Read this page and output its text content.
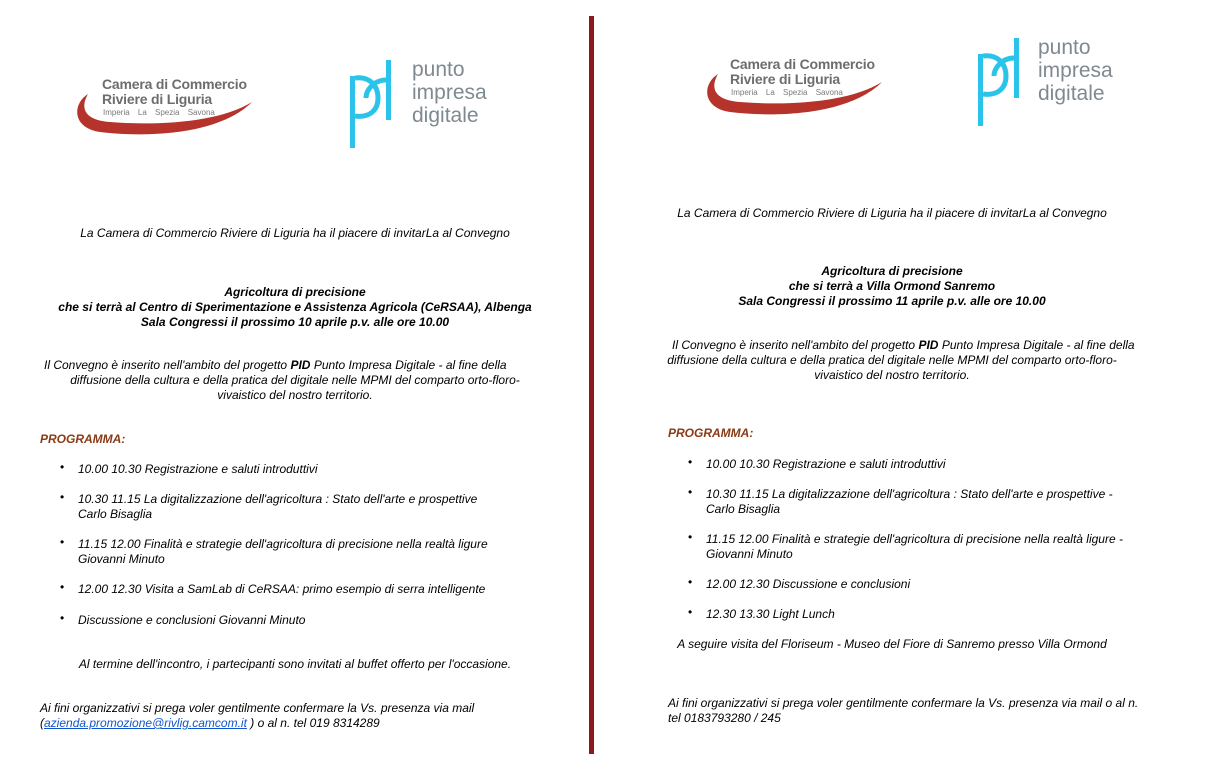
Camera di Commercio
Riviere di Liguria
Imperia La Spezia Savona
punto
impresa
digitale
La Camera di Commercio Riviere di Liguria ha il piacere di invitarLa al Convegno
Agricoltura di precisione
che si terrà al Centro di Sperimentazione e Assistenza Agricola (CeRSAA), Albenga
Sala Congressi il prossimo 10 aprile p.v. alle ore 10.00
Il Convegno è inserito nell'ambito del progetto PID Punto Impresa Digitale - al fine della
diffusione della cultura e della pratica del digitale nelle MPMI del comparto orto-floro-
vivaistico del nostro territorio.
PROGRAMMA:
• 10.00 10.30 Registrazione e saluti introduttivi
• 10.30 11.15 La digitalizzazione dell'agricoltura : Stato dell'arte e prospettive
Carlo Bisaglia
• 11.15 12.00 Finalità e strategie dell'agricoltura di precisione nella realtà ligure
Giovanni Minuto
• 12.00 12.30 Visita a SamLab di CeRSAA: primo esempio di serra intelligente
• Discussione e conclusioni Giovanni Minuto
Al termine dell'incontro, i partecipanti sono invitati al buffet offerto per l'occasione.
Ai fini organizzativi si prega voler gentilmente confermare la Vs. presenza via mail
(azienda.promozione@rivlig.camcom.it ) o al n. tel 019 8314289
Camera di Commercio
Riviere di Liguria
Imperia La Spezia Savona
punto
impresa
digitale
La Camera di Commercio Riviere di Liguria ha il piacere di invitarLa al Convegno
Agricoltura di precisione
che si terrà a Villa Ormond Sanremo
Sala Congressi il prossimo 11 aprile p.v. alle ore 10.00
Il Convegno è inserito nell'ambito del progetto PID Punto Impresa Digitale - al fine della
diffusione della cultura e della pratica del digitale nelle MPMI del comparto orto-floro-
vivaistico del nostro territorio.
PROGRAMMA:
• 10.00 10.30 Registrazione e saluti introduttivi
• 10.30 11.15 La digitalizzazione dell'agricoltura : Stato dell'arte e prospettive -
Carlo Bisaglia
• 11.15 12.00 Finalità e strategie dell'agricoltura di precisione nella realtà ligure -
Giovanni Minuto
• 12.00 12.30 Discussione e conclusioni
• 12.30 13.30 Light Lunch
A seguire visita del Floriseum - Museo del Fiore di Sanremo presso Villa Ormond
Ai fini organizzativi si prega voler gentilmente confermare la Vs. presenza via mail o al n.
tel 0183793280 / 245
